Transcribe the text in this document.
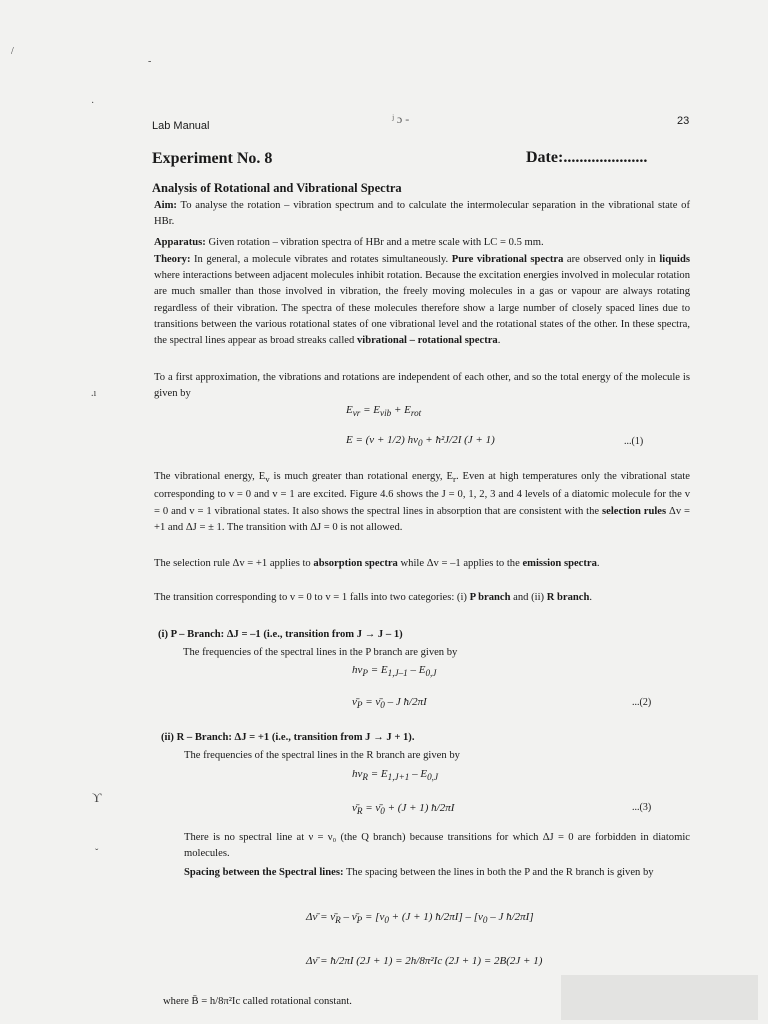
/
-
·
.ı
ϒ
ˇ
Lab Manual	ʲ ɔ ‑	23
Experiment No. 8	Date:.....................
Analysis of Rotational and Vibrational Spectra
Aim: To analyse the rotation – vibration spectrum and to calculate the intermolecular separation in the vibrational state of HBr.
Apparatus: Given rotation – vibration spectra of HBr and a metre scale with LC = 0.5 mm.
Theory: In general, a molecule vibrates and rotates simultaneously. Pure vibrational spectra are observed only in liquids where interactions between adjacent molecules inhibit rotation. Because the excitation energies involved in molecular rotation are much smaller than those involved in vibration, the freely moving molecules in a gas or vapour are always rotating regardless of their vibration. The spectra of these molecules therefore show a large number of closely spaced lines due to transitions between the various rotational states of one vibrational level and the rotational states of the other. In these spectra, the spectral lines appear as broad streaks called vibrational – rotational spectra.
To a first approximation, the vibrations and rotations are independent of each other, and so the total energy of the molecule is given by
$E_{vr} = E_{vib} + E_{rot}$
E = (v + 1/2) $h\nu_0$ + ħ²J/2I (J + 1)	...(1)
The vibrational energy, $E_v$ is much greater than rotational energy, $E_r$. Even at high temperatures only the vibrational state corresponding to v = 0 and v = 1 are excited. Figure 4.6 shows the J = 0, 1, 2, 3 and 4 levels of a diatomic molecule for the v = 0 and v = 1 vibrational states. It also shows the spectral lines in absorption that are consistent with the selection rules Δv = +1 and ΔJ = ± 1. The transition with ΔJ = 0 is not allowed.
The selection rule Δv = +1 applies to absorption spectra while Δv = –1 applies to the emission spectra.
The transition corresponding to v = 0 to v = 1 falls into two categories: (i) P branch and (ii) R branch.
(i) P – Branch: ΔJ = –1 (i.e., transition from J → J – 1)
The frequencies of the spectral lines in the P branch are given by
$h\nu_P = E_{1,J-1} - E_{0,J}$
$\nū_P$ = $\nū_0$ – J ħ/2πI	...(2)
(ii) R – Branch: ΔJ = +1 (i.e., transition from J → J + 1).
The frequencies of the spectral lines in the R branch are given by
$h\nu_R = E_{1,J+1} - E_{0,J}$
$\nū_R$ = $\nū_0 + (J + 1)$ ħ/2πI	...(3)
There is no spectral line at ν = ν₀ (the Q branch) because transitions for which ΔJ = 0 are forbidden in diatomic molecules.
Spacing between the Spectral lines: The spacing between the lines in both the P and the R branch is given by
Δν̄ = $\nū_R$ – $\nū_P = [\nu_0 + (J + 1)$ ħ/2πI] – [$\nu_0$ – J ħ/2πI]
Δν̄ = ħ/2πI (2J + 1) = 2h/8π²Ic (2J + 1) = 2B(2J + 1)
where B̄ = h/8π²Ic called rotational constant.
